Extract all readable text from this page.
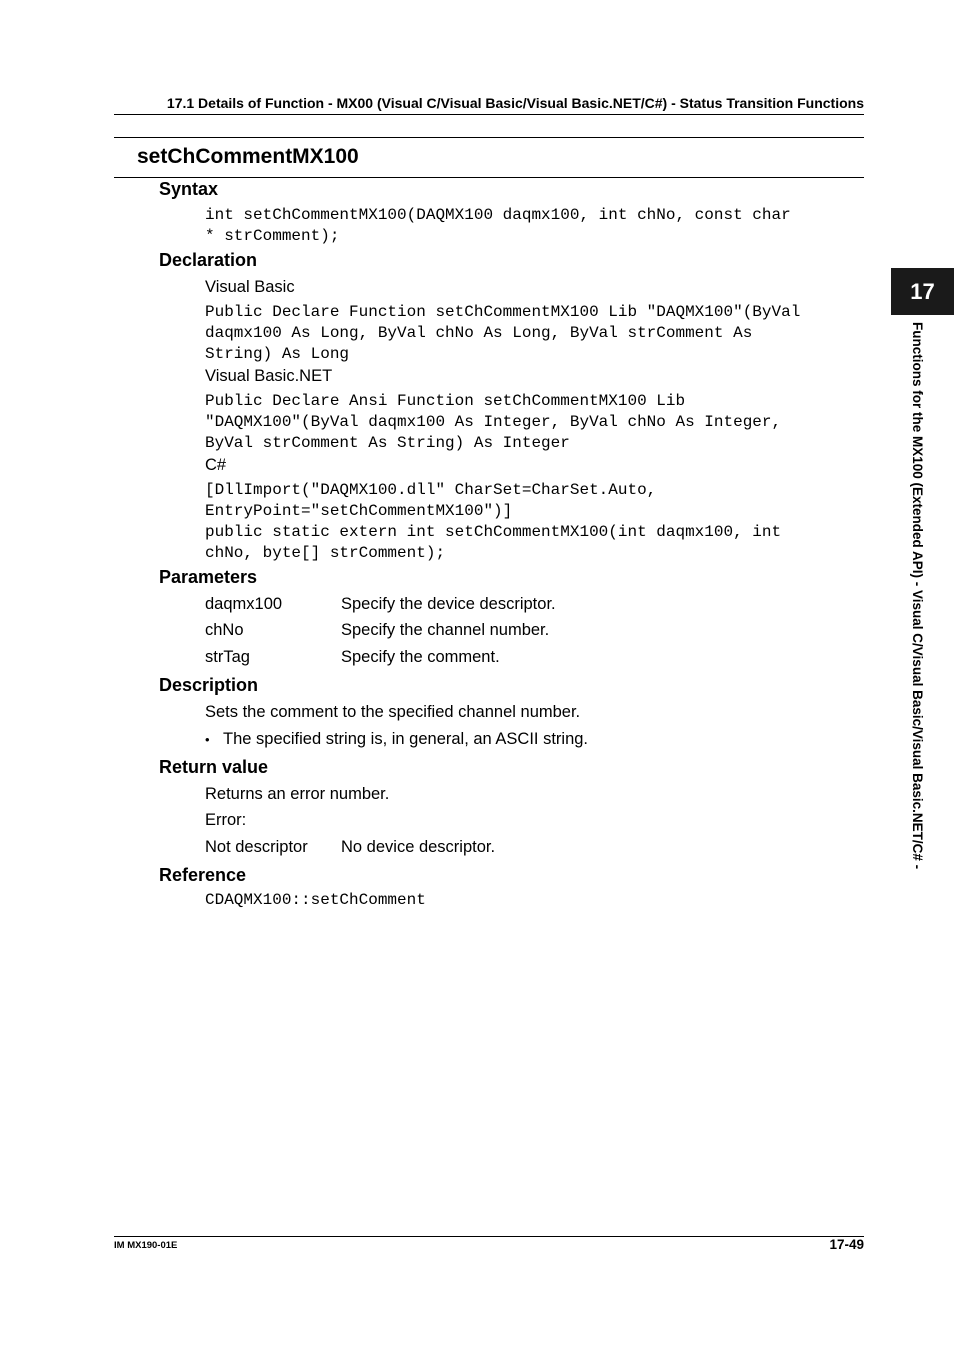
17.1 Details of Function - MX00 (Visual C/Visual Basic/Visual Basic.NET/C#) - Status Transition Functions
setChCommentMX100
Syntax
int setChCommentMX100(DAQMX100 daqmx100, int chNo, const char
* strComment);
Declaration
Visual Basic
Public Declare Function setChCommentMX100 Lib "DAQMX100"(ByVal
daqmx100 As Long, ByVal chNo As Long, ByVal strComment As
String) As Long
Visual Basic.NET
Public Declare Ansi Function setChCommentMX100 Lib
"DAQMX100"(ByVal daqmx100 As Integer, ByVal chNo As Integer,
ByVal strComment As String) As Integer
C#
[DllImport("DAQMX100.dll" CharSet=CharSet.Auto,
EntryPoint="setChCommentMX100")]
public static extern int setChCommentMX100(int daqmx100, int
chNo, byte[] strComment);
Parameters
daqmx100	Specify the device descriptor.
chNo	Specify the channel number.
strTag	Specify the comment.
Description
Sets the comment to the specified channel number.
• The specified string is, in general, an ASCII string.
Return value
Returns an error number.
Error:
Not descriptor No device descriptor.
Reference
CDAQMX100::setChComment
17
Functions for the MX100 (Extended API) - Visual C/Visual Basic/Visual Basic.NET/C# -
IM MX190-01E	17-49
